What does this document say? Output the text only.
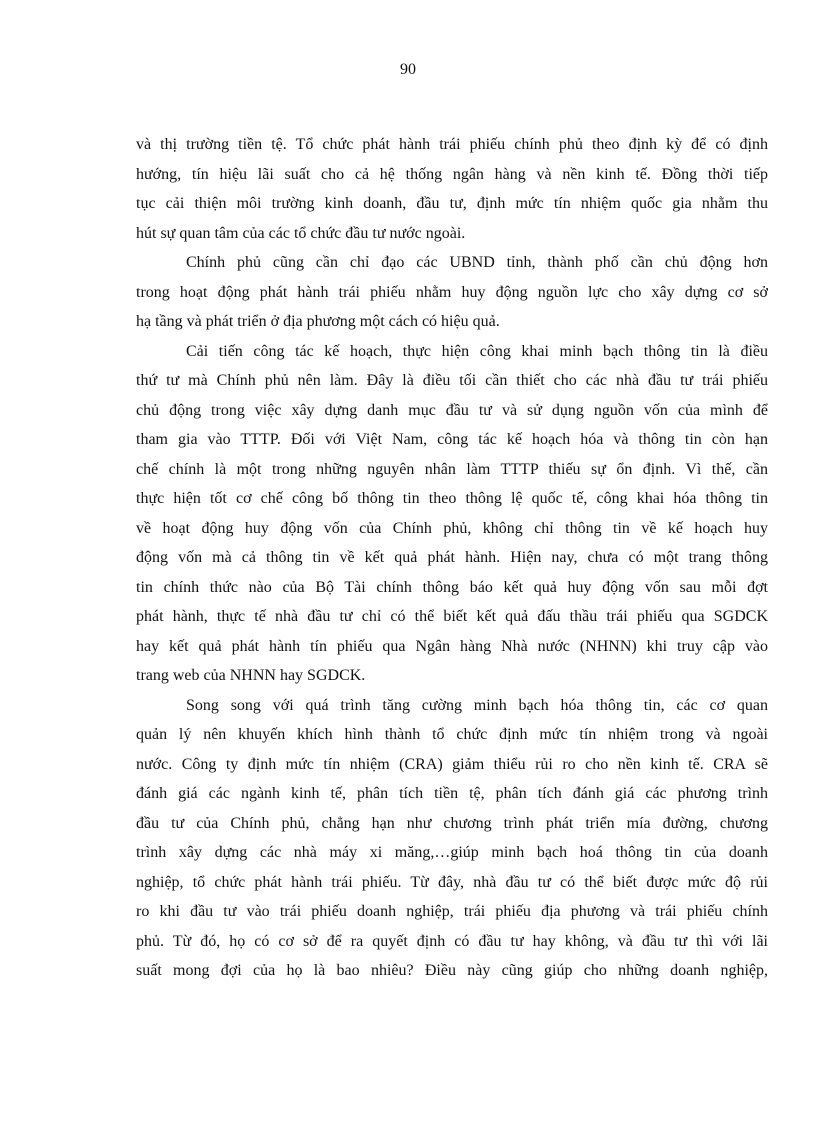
90
và thị trường tiền tệ. Tổ chức phát hành trái phiếu chính phủ theo định kỳ để có định
hướng, tín hiệu lãi suất cho cả hệ thống ngân hàng và nền kinh tế. Đồng thời tiếp
tục cải thiện môi trường kinh doanh, đầu tư, định mức tín nhiệm quốc gia nhằm thu
hút sự quan tâm của các tổ chức đầu tư nước ngoài.
Chính phủ cũng cần chỉ đạo các UBND tỉnh, thành phố cần chủ động hơn
trong hoạt động phát hành trái phiếu nhằm huy động nguồn lực cho xây dựng cơ sở
hạ tầng và phát triển ở địa phương một cách có hiệu quả.
Cải tiến công tác kế hoạch, thực hiện công khai minh bạch thông tin là điều
thứ tư mà Chính phủ nên làm. Đây là điều tối cần thiết cho các nhà đầu tư trái phiếu
chủ động trong việc xây dựng danh mục đầu tư và sử dụng nguồn vốn của mình để
tham gia vào TTTP. Đối với Việt Nam, công tác kế hoạch hóa và thông tin còn hạn
chế chính là một trong những nguyên nhân làm TTTP thiếu sự ổn định. Vì thế, cần
thực hiện tốt cơ chế công bố thông tin theo thông lệ quốc tế, công khai hóa thông tin
về hoạt động huy động vốn của Chính phủ, không chỉ thông tin về kế hoạch huy
động vốn mà cả thông tin về kết quả phát hành. Hiện nay, chưa có một trang thông
tin chính thức nào của Bộ Tài chính thông báo kết quả huy động vốn sau mỗi đợt
phát hành, thực tế nhà đầu tư chỉ có thể biết kết quả đấu thầu trái phiếu qua SGDCK
hay kết quả phát hành tín phiếu qua Ngân hàng Nhà nước (NHNN) khi truy cập vào
trang web của NHNN hay SGDCK.
Song song với quá trình tăng cường minh bạch hóa thông tin, các cơ quan
quản lý nên khuyến khích hình thành tổ chức định mức tín nhiệm trong và ngoài
nước. Công ty định mức tín nhiệm (CRA) giảm thiểu rủi ro cho nền kinh tế. CRA sẽ
đánh giá các ngành kinh tế, phân tích tiền tệ, phân tích đánh giá các phương trình
đầu tư của Chính phủ, chẳng hạn như chương trình phát triển mía đường, chương
trình xây dựng các nhà máy xi măng,…giúp minh bạch hoá thông tin của doanh
nghiệp, tổ chức phát hành trái phiếu. Từ đây, nhà đầu tư có thể biết được mức độ rủi
ro khi đầu tư vào trái phiếu doanh nghiệp, trái phiếu địa phương và trái phiếu chính
phủ. Từ đó, họ có cơ sở để ra quyết định có đầu tư hay không, và đầu tư thì với lãi
suất mong đợi của họ là bao nhiêu? Điều này cũng giúp cho những doanh nghiệp,
